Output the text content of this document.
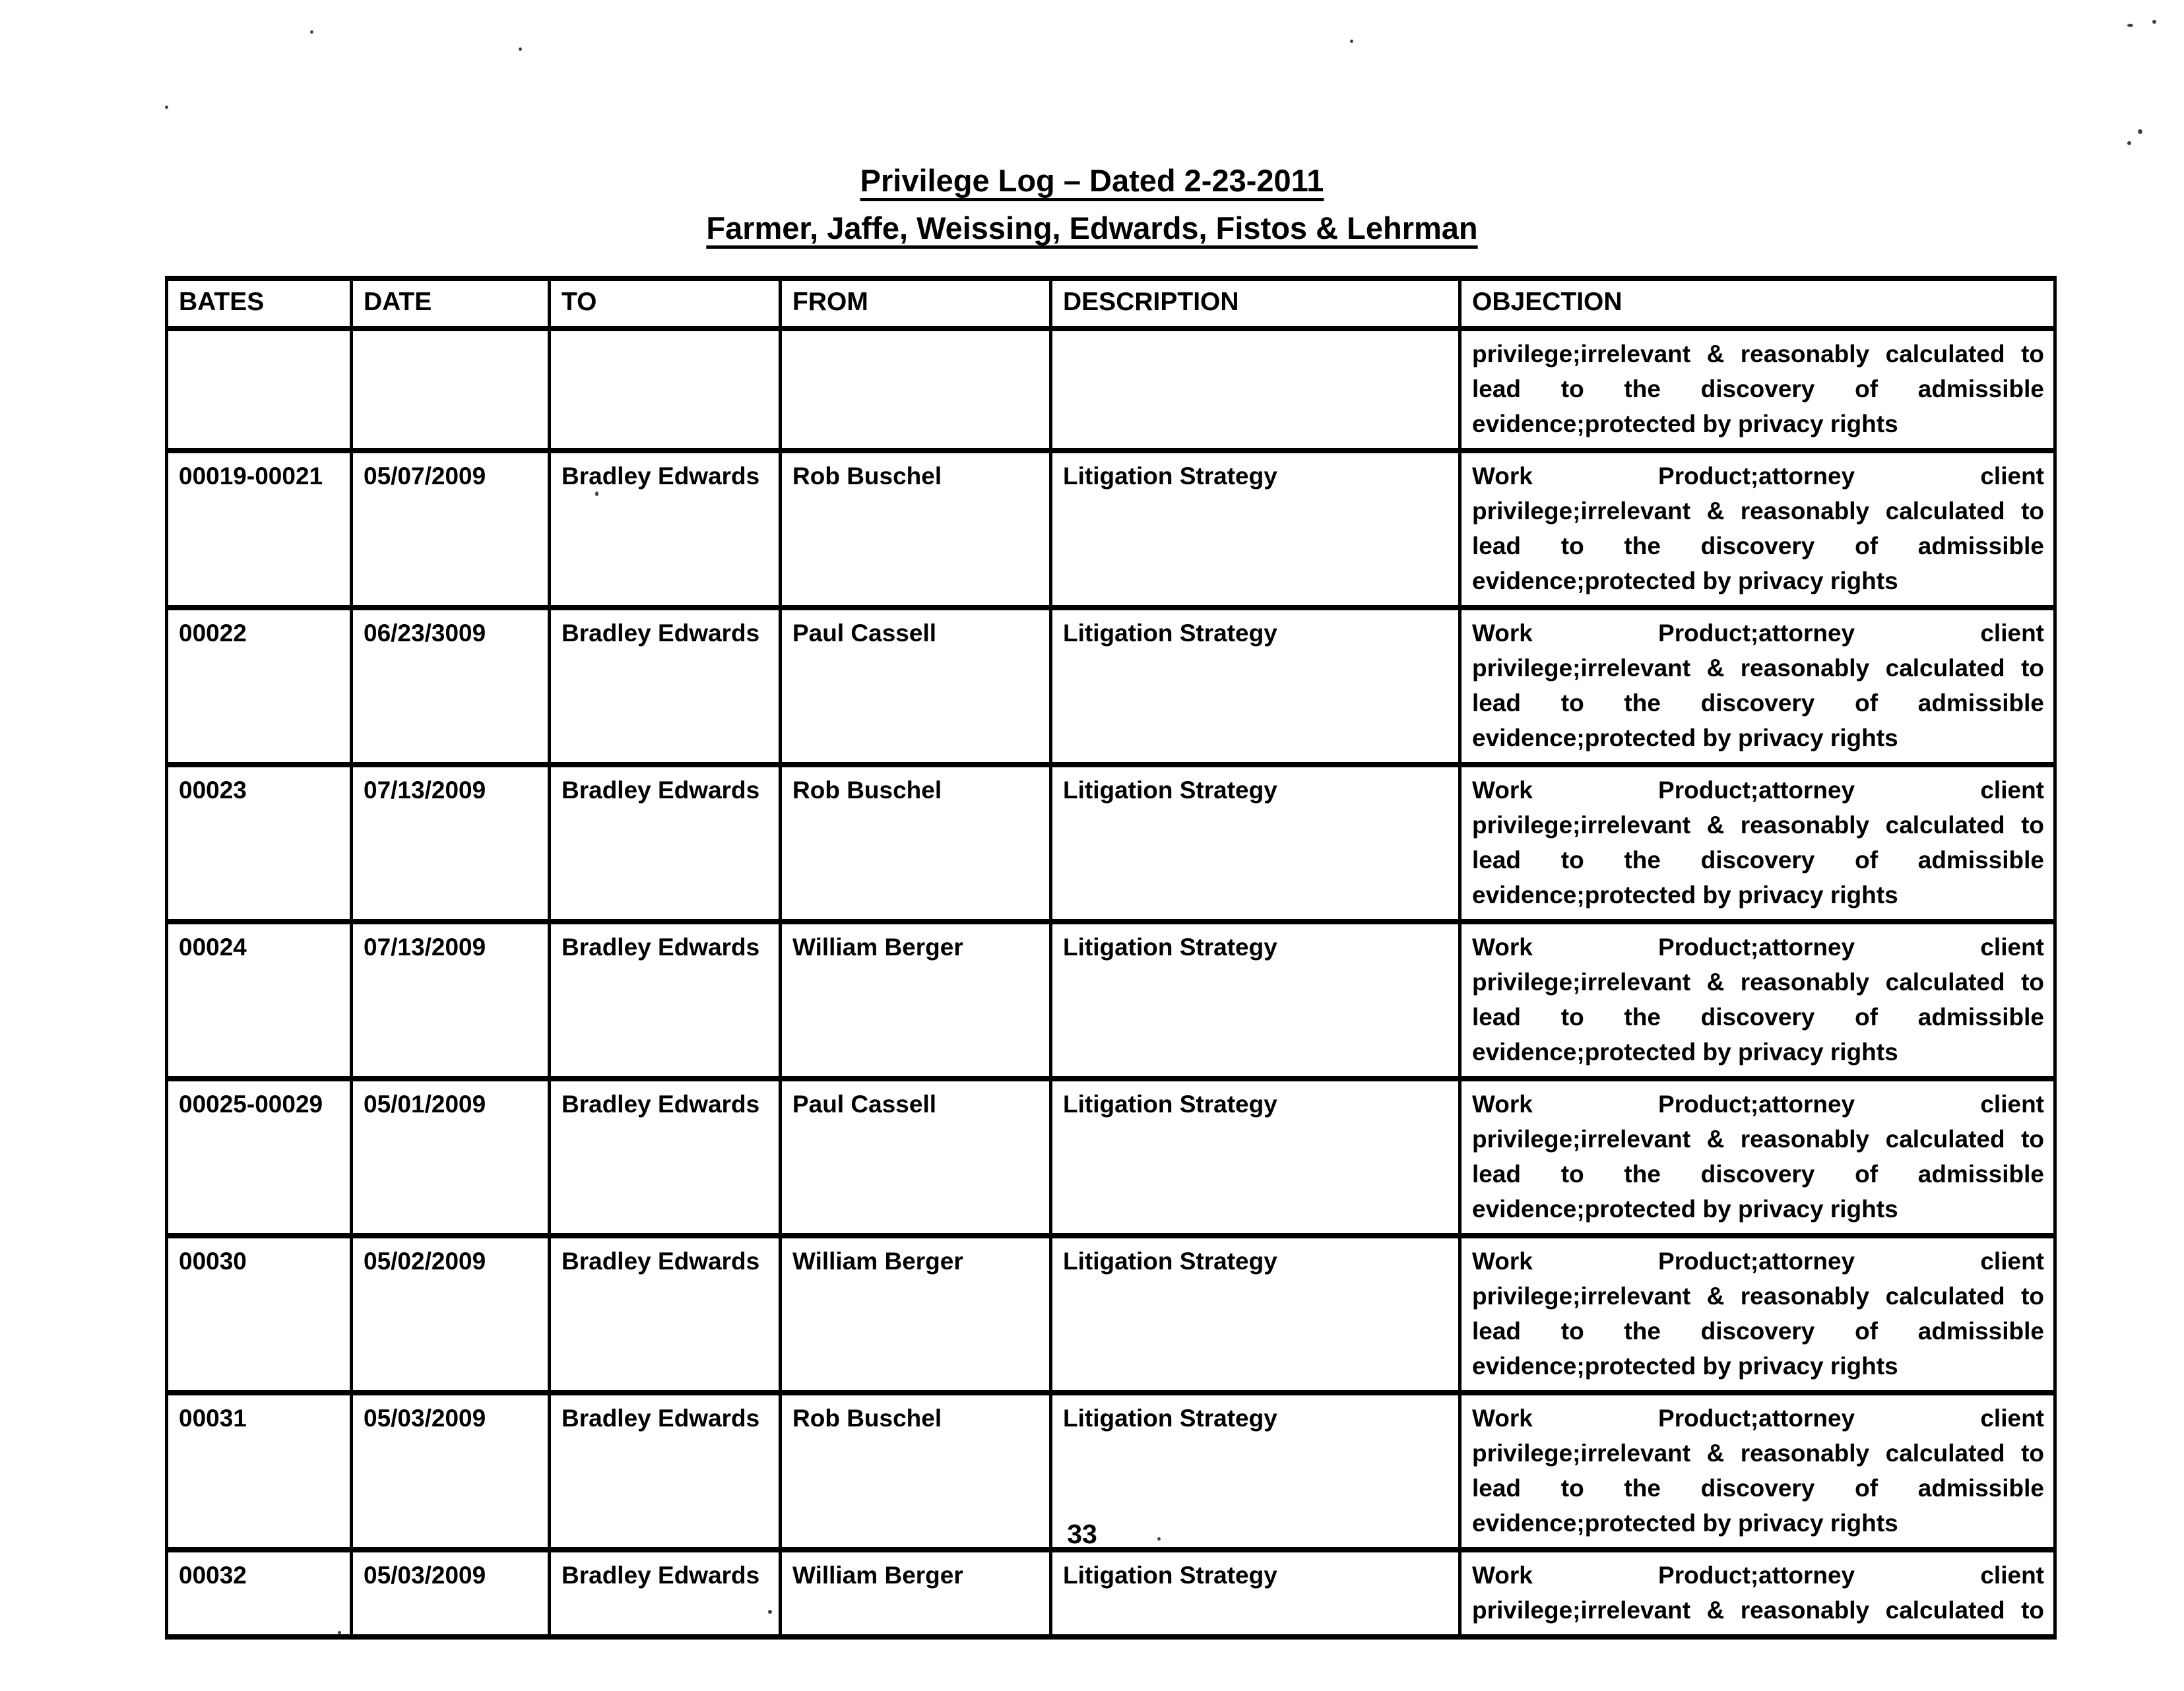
Privilege Log – Dated 2-23-2011
Farmer, Jaffe, Weissing, Edwards, Fistos & Lehrman
BATES	DATE	TO	FROM	DESCRIPTION	OBJECTION

					privilege;irrelevant & reasonably calculated to
lead to the discovery of admissible
evidence;protected by privacy rights

00019-00021	05/07/2009	Bradley Edwards	Rob Buschel	Litigation Strategy	Work Product;attorney client
privilege;irrelevant & reasonably calculated to
lead to the discovery of admissible
evidence;protected by privacy rights

00022	06/23/3009	Bradley Edwards	Paul Cassell	Litigation Strategy	Work Product;attorney client
privilege;irrelevant & reasonably calculated to
lead to the discovery of admissible
evidence;protected by privacy rights

00023	07/13/2009	Bradley Edwards	Rob Buschel	Litigation Strategy	Work Product;attorney client
privilege;irrelevant & reasonably calculated to
lead to the discovery of admissible
evidence;protected by privacy rights

00024	07/13/2009	Bradley Edwards	William Berger	Litigation Strategy	Work Product;attorney client
privilege;irrelevant & reasonably calculated to
lead to the discovery of admissible
evidence;protected by privacy rights

00025-00029	05/01/2009	Bradley Edwards	Paul Cassell	Litigation Strategy	Work Product;attorney client
privilege;irrelevant & reasonably calculated to
lead to the discovery of admissible
evidence;protected by privacy rights

00030	05/02/2009	Bradley Edwards	William Berger	Litigation Strategy	Work Product;attorney client
privilege;irrelevant & reasonably calculated to
lead to the discovery of admissible
evidence;protected by privacy rights

00031	05/03/2009	Bradley Edwards	Rob Buschel	Litigation Strategy	Work Product;attorney client
privilege;irrelevant & reasonably calculated to
lead to the discovery of admissible
evidence;protected by privacy rights

00032	05/03/2009	Bradley Edwards	William Berger	Litigation Strategy	Work Product;attorney client
privilege;irrelevant & reasonably calculated to
33
